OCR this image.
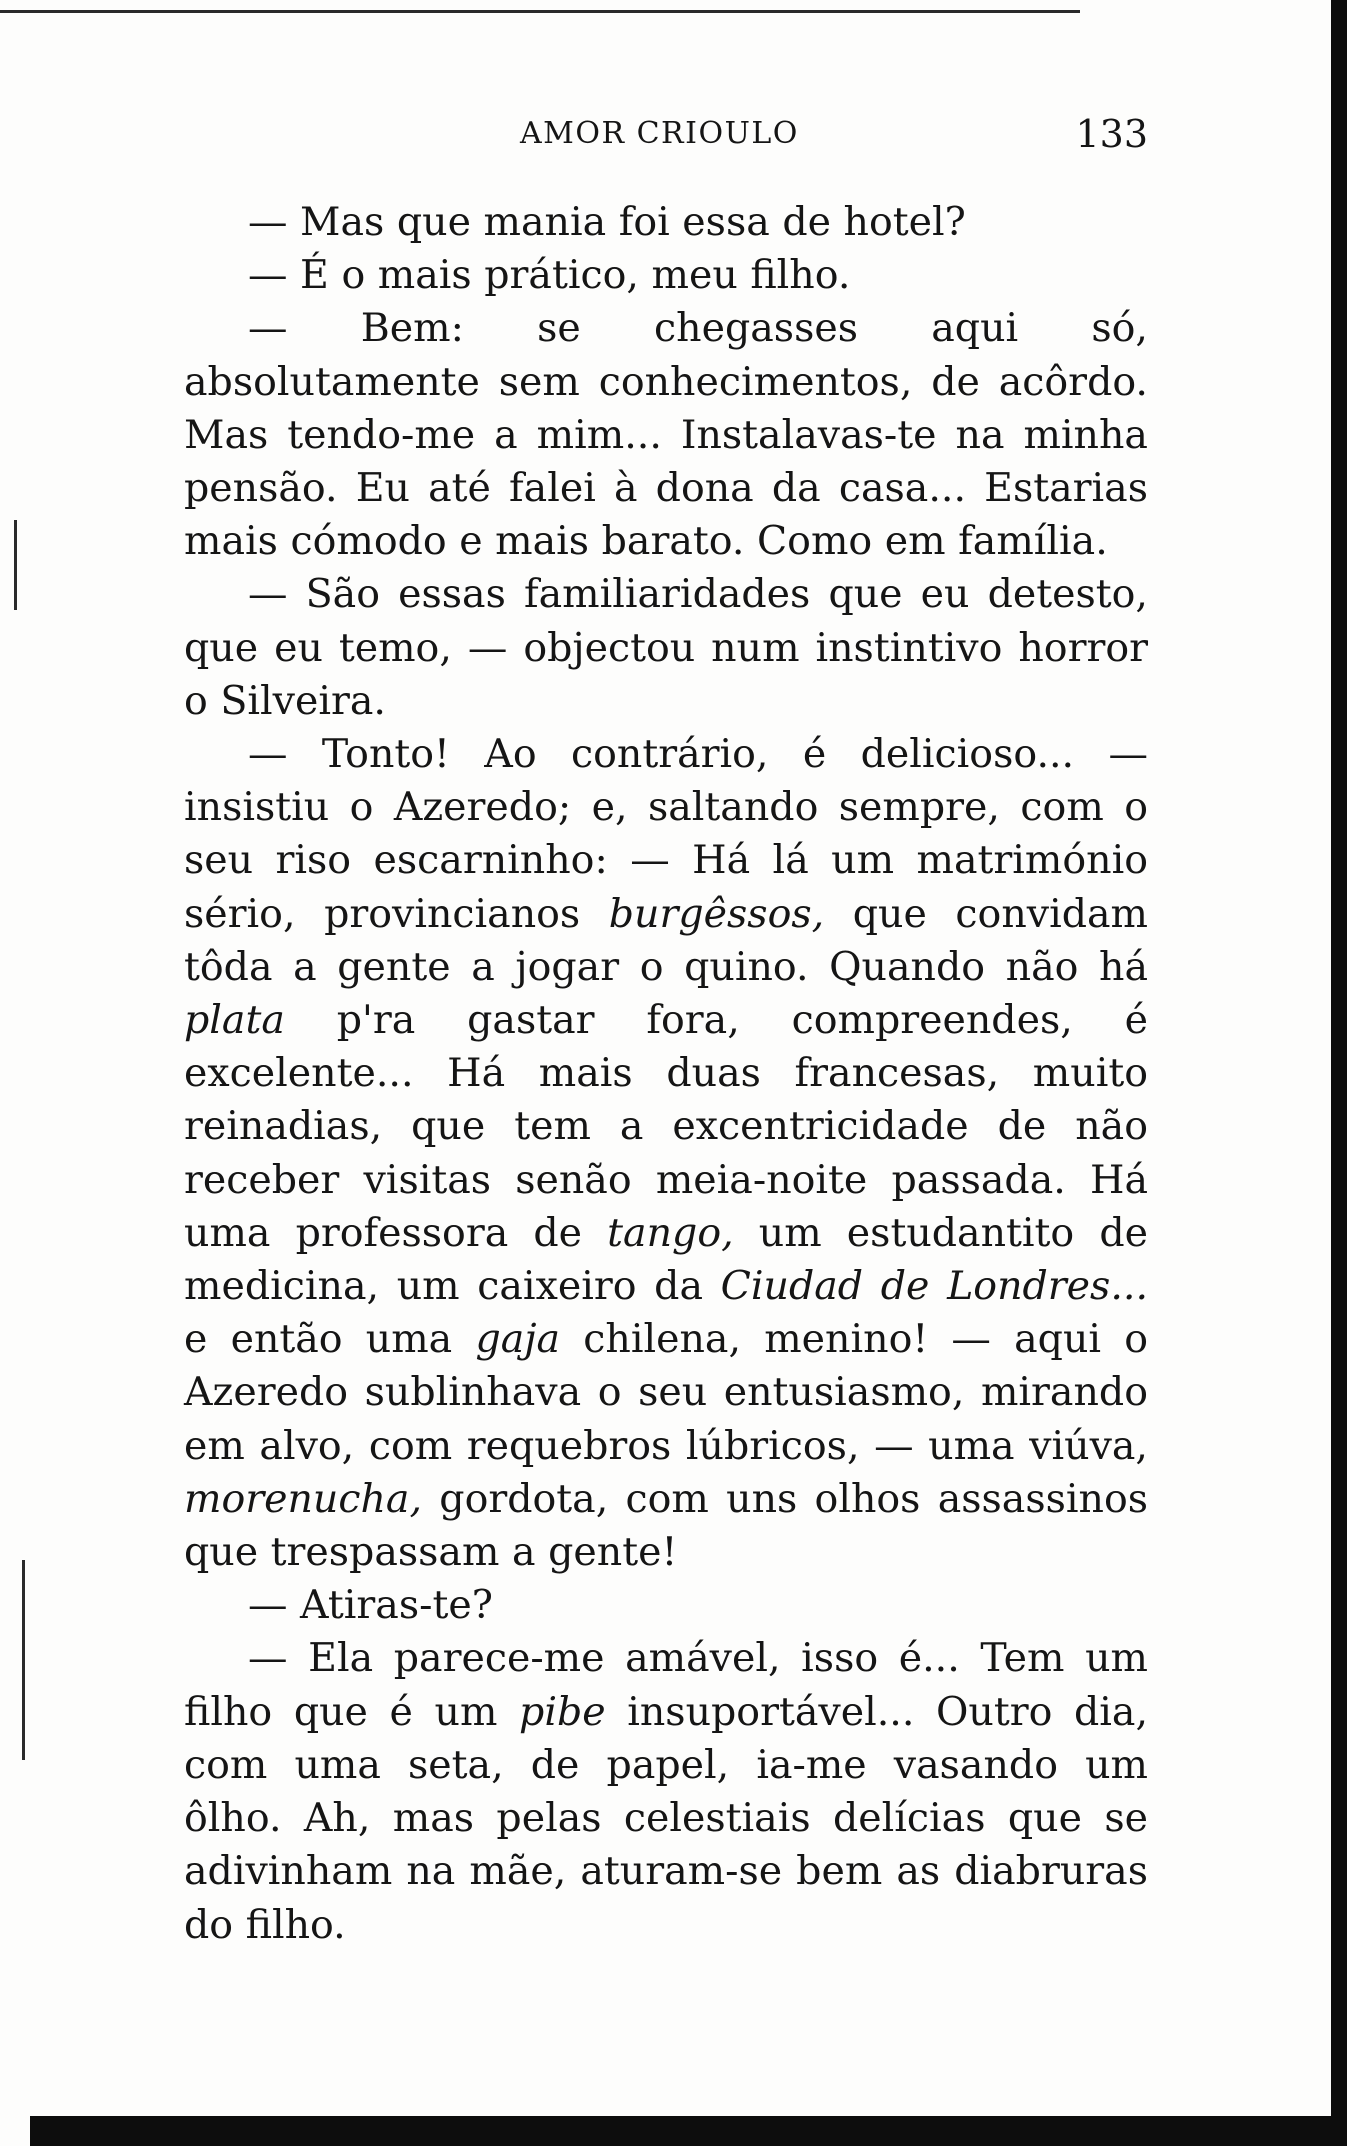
AMOR CRIOULO	133

— Mas que mania foi essa de hotel?

— É o mais prático, meu filho.

— Bem: se chegasses aqui só, absolutamente sem conhecimentos, de acôrdo. Mas tendo-me a mim... Instalavas-te na minha pensão. Eu até falei à dona da casa... Estarias mais cómodo e mais barato. Como em família.

— São essas familiaridades que eu detesto, que eu temo, — objectou num instintivo horror o Silveira.

— Tonto! Ao contrário, é delicioso... — insistiu o Azeredo; e, saltando sempre, com o seu riso escarninho: — Há lá um matrimónio sério, provincianos burgêssos, que convidam tôda a gente a jogar o quino. Quando não há plata p'ra gastar fora, compreendes, é excelente... Há mais duas francesas, muito reinadias, que tem a excentricidade de não receber visitas senão meia-noite passada. Há uma professora de tango, um estudantito de medicina, um caixeiro da Ciudad de Londres... e então uma gaja chilena, menino! — aqui o Azeredo sublinhava o seu entusiasmo, mirando em alvo, com requebros lúbricos, — uma viúva, morenucha, gordota, com uns olhos assassinos que trespassam a gente!

— Atiras-te?

— Ela parece-me amável, isso é... Tem um filho que é um pibe insuportável... Outro dia, com uma seta, de papel, ia-me vasando um ôlho. Ah, mas pelas celestiais delícias que se adivinham na mãe, aturam-se bem as diabruras do filho.
